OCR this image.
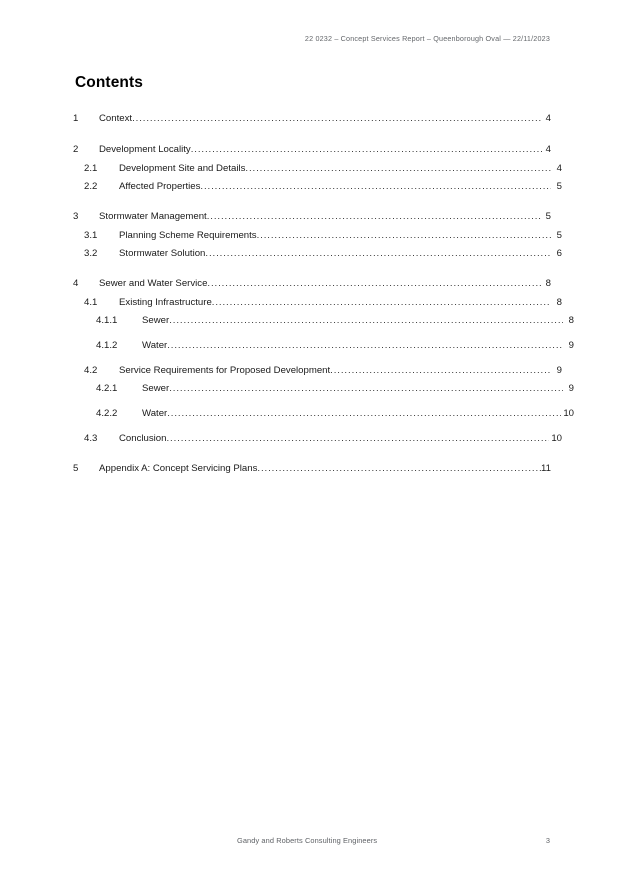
22 0232 – Concept Services Report – Queenborough Oval — 22/11/2023
Contents
1	Context .....	4
2	Development Locality .....	4
2.1	Development Site and Details .....	4
2.2	Affected Properties .....	5
3	Stormwater Management .....	5
3.1	Planning Scheme Requirements .....	5
3.2	Stormwater Solution .....	6
4	Sewer and Water Service .....	8
4.1	Existing Infrastructure .....	8
4.1.1	Sewer .....	8
4.1.2	Water .....	9
4.2	Service Requirements for Proposed Development .....	9
4.2.1	Sewer .....	9
4.2.2	Water .....	10
4.3	Conclusion .....	10
5	Appendix A: Concept Servicing Plans .....	11
Gandy and Roberts Consulting Engineers	3
